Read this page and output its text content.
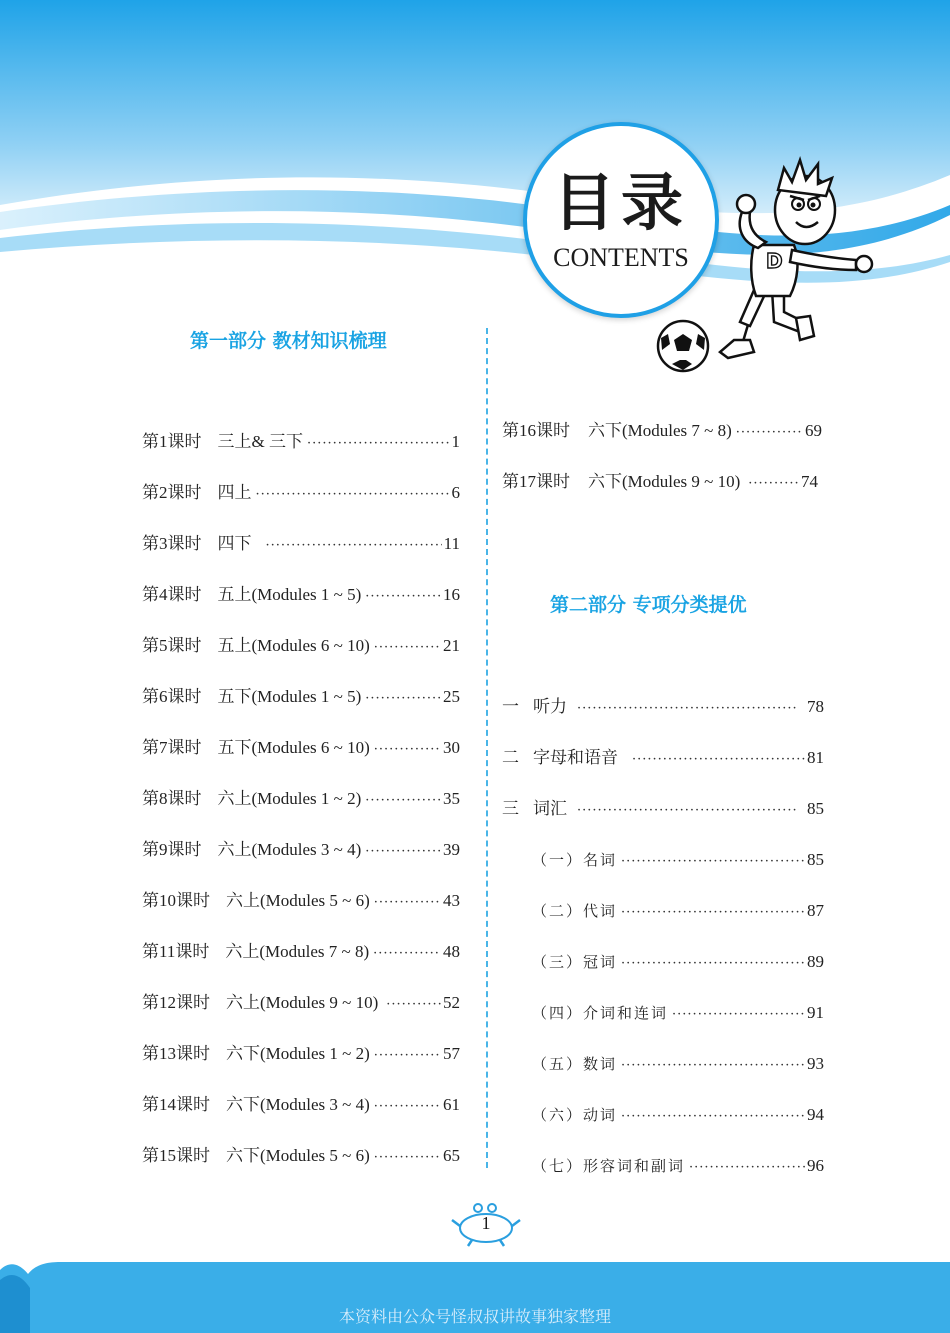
目录
CONTENTS	D
第一部分 教材知识梳理
第1课时 三上& 三下 ·····	1
第2课时 四上 ·····	6
第3课时 四下 ·····	11
第4课时 五上(Modules 1 ~ 5) ·····	16
第5课时 五上(Modules 6 ~ 10) ·····	21
第6课时 五下(Modules 1 ~ 5) ·····	25
第7课时 五下(Modules 6 ~ 10) ·····	30
第8课时 六上(Modules 1 ~ 2) ·····	35
第9课时 六上(Modules 3 ~ 4) ·····	39
第10课时 六上(Modules 5 ~ 6) ·····	43
第11课时 六上(Modules 7 ~ 8) ·····	48
第12课时 六上(Modules 9 ~ 10) ·····	52
第13课时 六下(Modules 1 ~ 2) ·····	57
第14课时 六下(Modules 3 ~ 4) ·····	61
第15课时 六下(Modules 5 ~ 6) ·····	65
第16课时 六下(Modules 7 ~ 8) ·····	69
第17课时 六下(Modules 9 ~ 10) ·····	74
第二部分 专项分类提优
一 听力 ·····	78
二 字母和语音 ·····	81
三 词汇 ·····	85
（一） 名词 ·····	85
（二） 代词 ·····	87
（三） 冠词 ·····	89
（四） 介词和连词 ·····	91
（五） 数词 ·····	93
（六） 动词 ·····	94
（七） 形容词和副词 ·····	96
1
本资料由公众号怪叔叔讲故事独家整理
